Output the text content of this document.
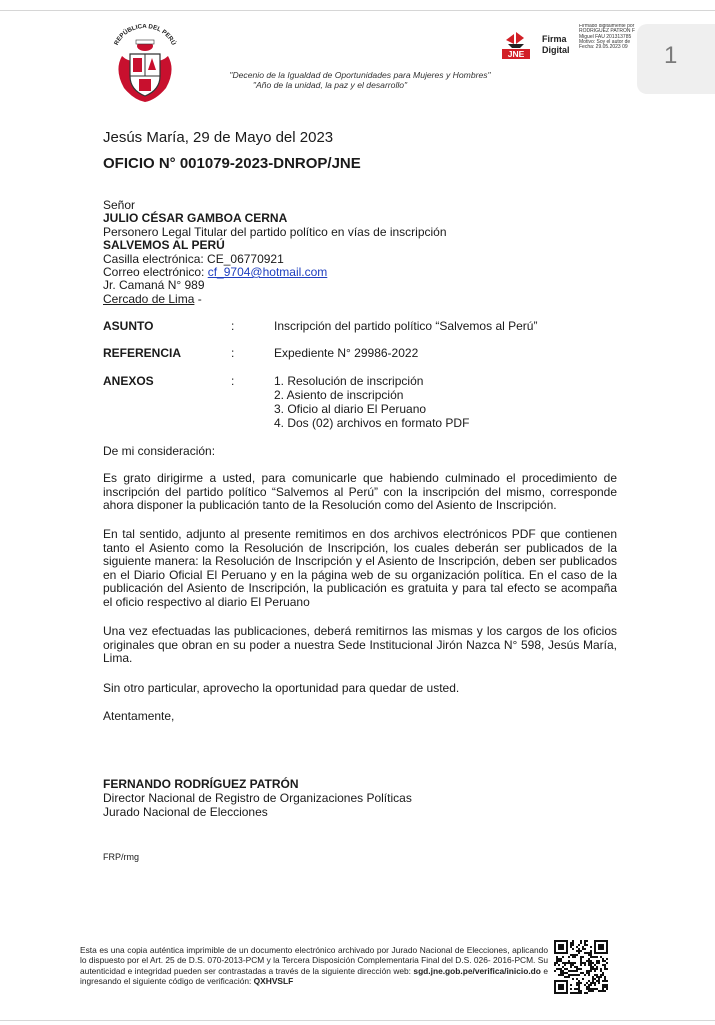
REPÚBLICA DEL PERÚ
"Decenio de la Igualdad de Oportunidades para Mujeres y Hombres"
"Año de la unidad, la paz y el desarrollo"
JNE
Firma
Digital
Firmado digitalmente por
RODRIGUEZ PATRON F
Miguel FAU 201313785
Motivo: Soy el autor de
Fecha: 29.05.2023 09	1
Jesús María, 29 de Mayo del 2023
OFICIO N° 001079-2023-DNROP/JNE
Señor
JULIO CÉSAR GAMBOA CERNA
Personero Legal Titular del partido político en vías de inscripción
SALVEMOS AL PERÚ
Casilla electrónica: CE_06770921
Correo electrónico: cf_9704@hotmail.com
Jr. Camaná N° 989
Cercado de Lima -
ASUNTO	:	Inscripción del partido político “Salvemos al Perú”
REFERENCIA	:	Expediente N° 29986-2022
ANEXOS	:	1. Resolución de inscripción
2. Asiento de inscripción
3. Oficio al diario El Peruano
4. Dos (02) archivos en formato PDF
De mi consideración:
Es grato dirigirme a usted, para comunicarle que habiendo culminado el procedimiento de inscripción del partido político “Salvemos al Perú” con la inscripción del mismo, corresponde ahora disponer la publicación tanto de la Resolución como del Asiento de Inscripción.
En tal sentido, adjunto al presente remitimos en dos archivos electrónicos PDF que contienen tanto el Asiento como la Resolución de Inscripción, los cuales deberán ser publicados de la siguiente manera: la Resolución de Inscripción y el Asiento de Inscripción, deben ser publicados en el Diario Oficial El Peruano y en la página web de su organización política. En el caso de la publicación del Asiento de Inscripción, la publicación es gratuita y para tal efecto se acompaña el oficio respectivo al diario El Peruano
Una vez efectuadas las publicaciones, deberá remitirnos las mismas y los cargos de los oficios originales que obran en su poder a nuestra Sede Institucional Jirón Nazca N° 598, Jesús María, Lima.
Sin otro particular, aprovecho la oportunidad para quedar de usted.
Atentamente,
FERNANDO RODRÍGUEZ PATRÓN
Director Nacional de Registro de Organizaciones Políticas
Jurado Nacional de Elecciones
FRP/rmg
Esta es una copia auténtica imprimible de un documento electrónico archivado por Jurado Nacional de Elecciones, aplicando lo dispuesto por el Art. 25 de D.S. 070-2013-PCM y la Tercera Disposición Complementaria Final del D.S. 026- 2016-PCM. Su autenticidad e integridad pueden ser contrastadas a través de la siguiente dirección web: sgd.jne.gob.pe/verifica/inicio.do e ingresando el siguiente código de verificación: QXHVSLF
